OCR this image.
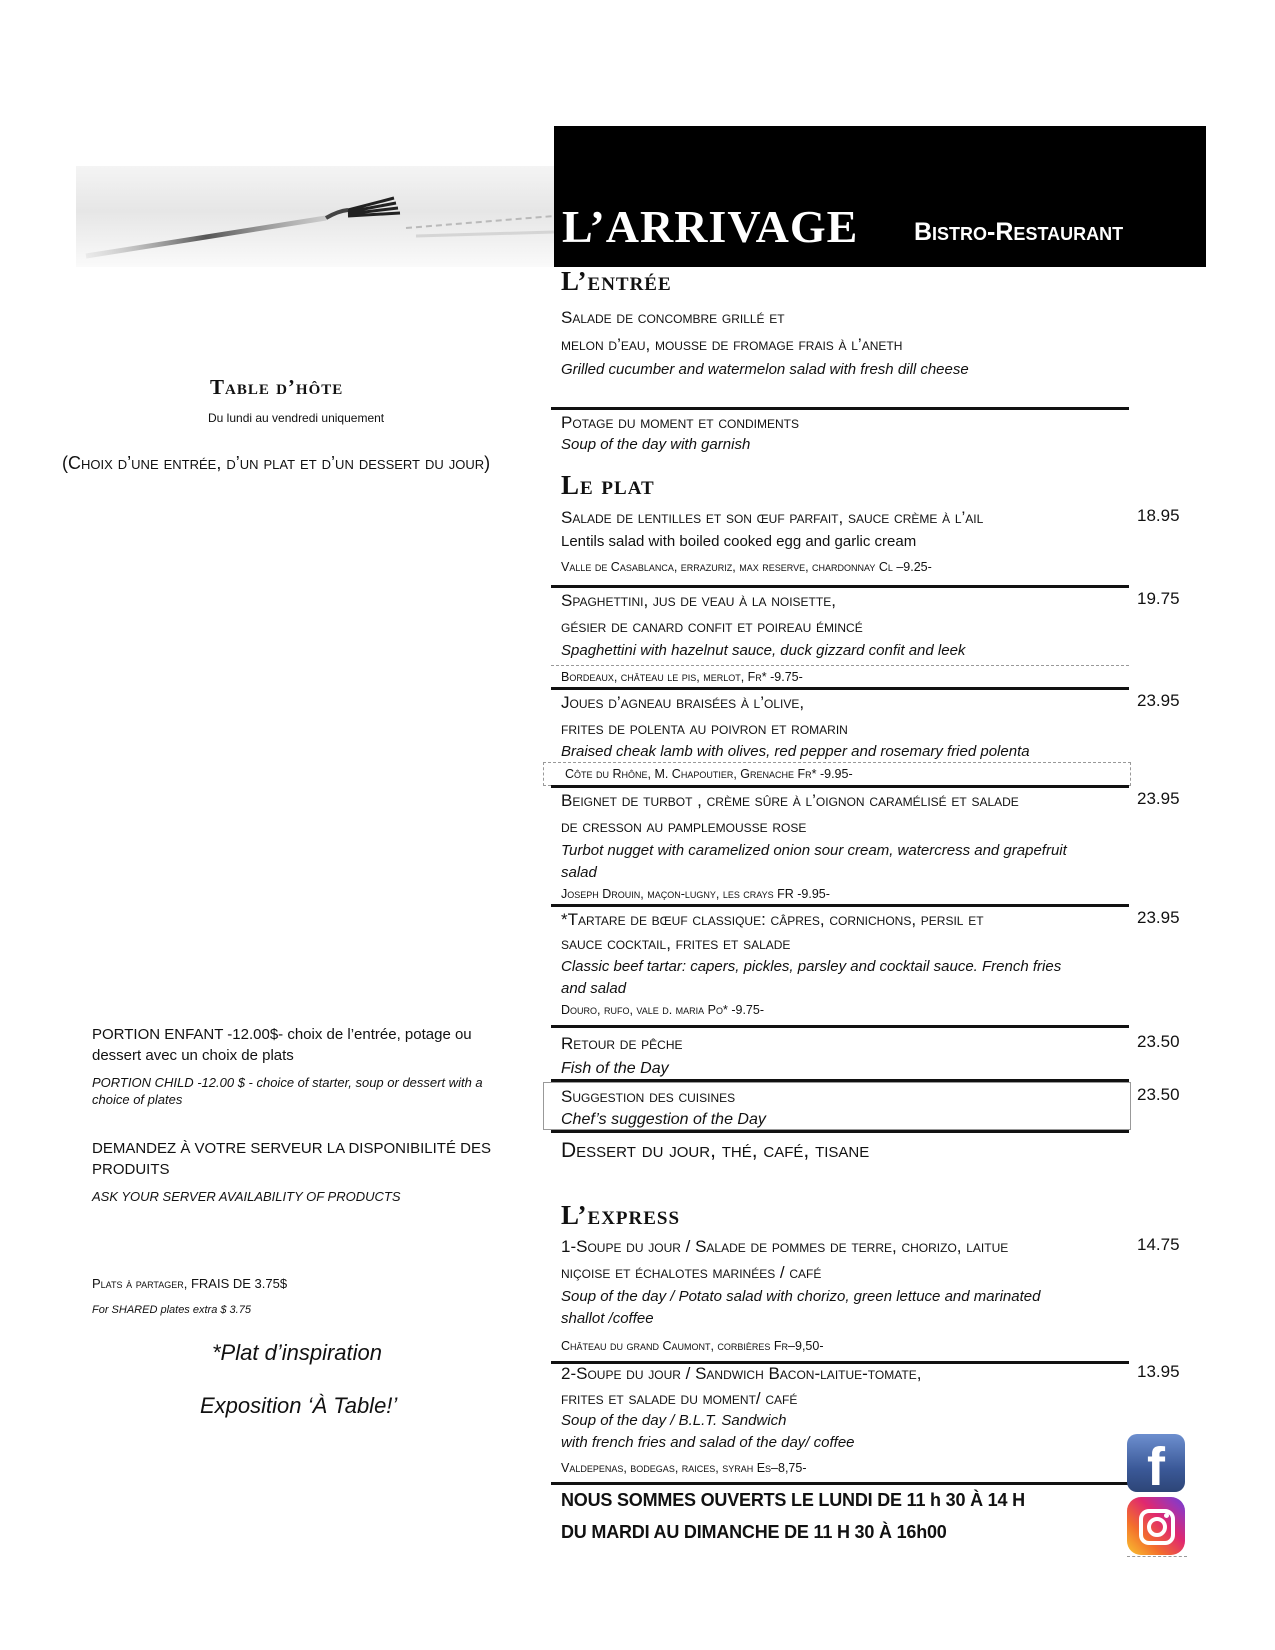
L’ARRIVAGE Bistro-Restaurant
Table d’hôte
Du lundi au vendredi uniquement
(Choix d’une entrée, d’un plat et d’un dessert du jour)
PORTION ENFANT -12.00$- choix de l’entrée, potage ou dessert avec un choix de plats
PORTION CHILD -12.00 $ - choice of starter, soup or dessert with a choice of plates
DEMANDEZ À VOTRE SERVEUR LA DISPONIBILITÉ DES PRODUITS
ASK YOUR SERVER AVAILABILITY OF PRODUCTS
Plats à partager, FRAIS DE 3.75$
For SHARED plates extra $ 3.75
*Plat d’inspiration
Exposition ‘À Table!’
L’entrée
Salade de concombre grillé et
melon d’eau, mousse de fromage frais à l’aneth
Grilled cucumber and watermelon salad with fresh dill cheese
Potage du moment et condiments
Soup of the day with garnish
Le plat
Salade de lentilles et son œuf parfait, sauce crème à l’ail	18.95
Lentils salad with boiled cooked egg and garlic cream
Valle de Casablanca, errazuriz, max reserve, chardonnay Cl –9.25-
Spaghettini, jus de veau à la noisette,	19.75
gésier de canard confit et poireau émincé
Spaghettini with hazelnut sauce, duck gizzard confit and leek
Bordeaux, château le pis, merlot, Fr* -9.75-
Joues d’agneau braisées à l’olive,	23.95
frites de polenta au poivron et romarin
Braised cheak lamb with olives, red pepper and rosemary fried polenta
Côte du Rhône, M. Chapoutier, Grenache Fr* -9.95-
Beignet de turbot , crème sûre à l’oignon caramélisé et salade	23.95
de cresson au pamplemousse rose
Turbot nugget with caramelized onion sour cream, watercress and grapefruit
salad
Joseph Drouin, maçon-lugny, les crays FR -9.95-
*Tartare de bœuf classique: câpres, cornichons, persil et	23.95
sauce cocktail, frites et salade
Classic beef tartar: capers, pickles, parsley and cocktail sauce. French fries
and salad
Douro, rufo, vale d. maria Po* -9.75-
Retour de pêche	23.50
Fish of the Day
Suggestion des cuisines	23.50
Chef’s suggestion of the Day
Dessert du jour, thé, café, tisane
L’express
1-Soupe du jour / Salade de pommes de terre, chorizo, laitue	14.75
niçoise et échalotes marinées / café
Soup of the day / Potato salad with chorizo, green lettuce and marinated
shallot /coffee
Château du grand Caumont, corbières Fr–9,50-
2-Soupe du jour / Sandwich Bacon-laitue-tomate,	13.95
frites et salade du moment/ café
Soup of the day / B.L.T. Sandwich
with french fries and salad of the day/ coffee
Valdepenas, bodegas, raices, syrah Es–8,75-
NOUS SOMMES OUVERTS LE LUNDI DE 11 h 30 À 14 H
DU MARDI AU DIMANCHE DE 11 H 30 À 16h00
f
